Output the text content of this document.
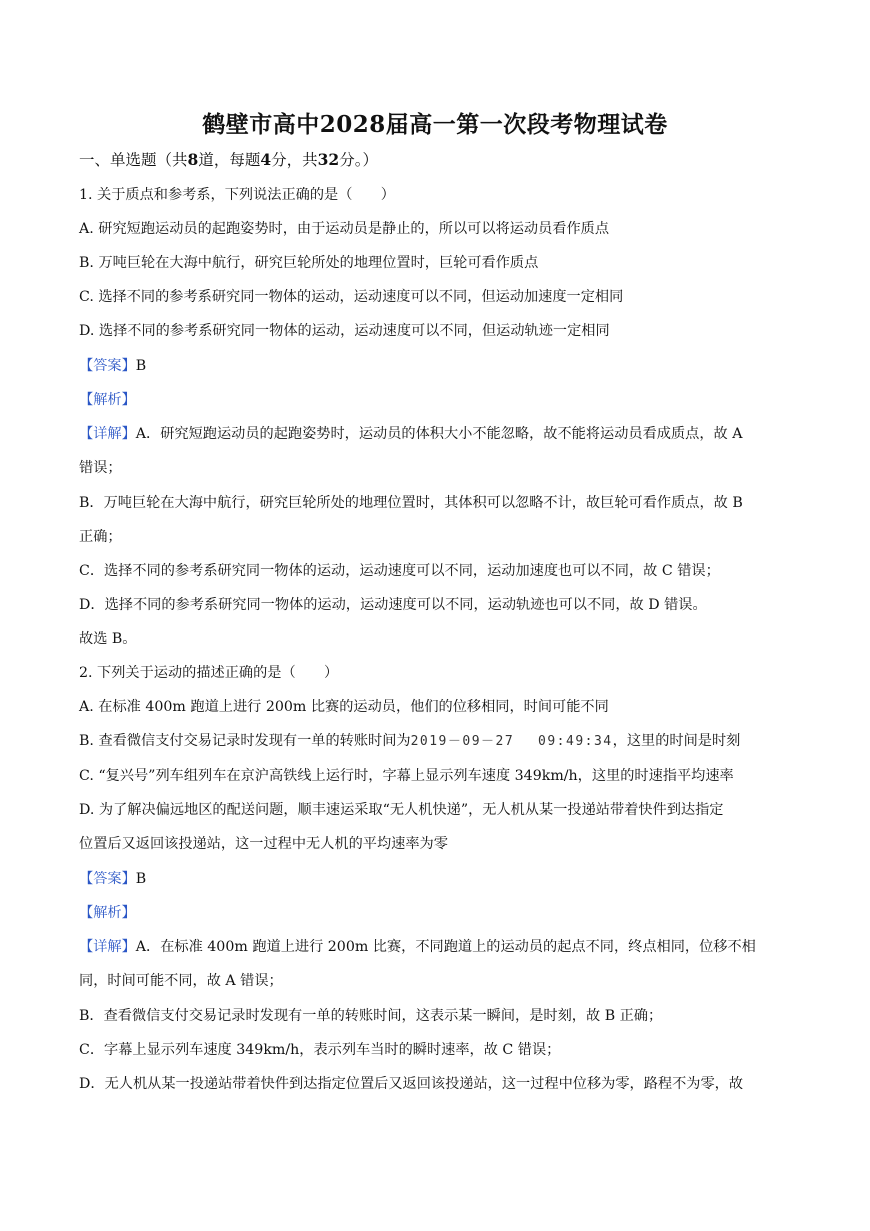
鹤壁市高中2028届高一第一次段考物理试卷
一、单选题（共8道，每题4分，共32分。）
1. 关于质点和参考系，下列说法正确的是（　　）
A. 研究短跑运动员的起跑姿势时，由于运动员是静止的，所以可以将运动员看作质点
B. 万吨巨轮在大海中航行，研究巨轮所处的地理位置时，巨轮可看作质点
C. 选择不同的参考系研究同一物体的运动，运动速度可以不同，但运动加速度一定相同
D. 选择不同的参考系研究同一物体的运动，运动速度可以不同，但运动轨迹一定相同
【答案】B
【解析】
【详解】A．研究短跑运动员的起跑姿势时，运动员的体积大小不能忽略，故不能将运动员看成质点，故 A
错误；
B．万吨巨轮在大海中航行，研究巨轮所处的地理位置时，其体积可以忽略不计，故巨轮可看作质点，故 B
正确；
C．选择不同的参考系研究同一物体的运动，运动速度可以不同，运动加速度也可以不同，故 C 错误；
D．选择不同的参考系研究同一物体的运动，运动速度可以不同，运动轨迹也可以不同，故 D 错误。
故选 B。
2. 下列关于运动的描述正确的是（　　）
A. 在标准 400m 跑道上进行 200m 比赛的运动员，他们的位移相同，时间可能不同
B. 查看微信支付交易记录时发现有一单的转账时间为2019－09－27　 09:49:34，这里的时间是时刻
C. “复兴号”列车组列车在京沪高铁线上运行时，字幕上显示列车速度 349km/h，这里的时速指平均速率
D. 为了解决偏远地区的配送问题，顺丰速运采取“无人机快递”，无人机从某一投递站带着快件到达指定
位置后又返回该投递站，这一过程中无人机的平均速率为零
【答案】B
【解析】
【详解】A．在标准 400m 跑道上进行 200m 比赛，不同跑道上的运动员的起点不同，终点相同，位移不相
同，时间可能不同，故 A 错误；
B．查看微信支付交易记录时发现有一单的转账时间，这表示某一瞬间，是时刻，故 B 正确；
C．字幕上显示列车速度 349km/h，表示列车当时的瞬时速率，故 C 错误；
D．无人机从某一投递站带着快件到达指定位置后又返回该投递站，这一过程中位移为零，路程不为零，故
